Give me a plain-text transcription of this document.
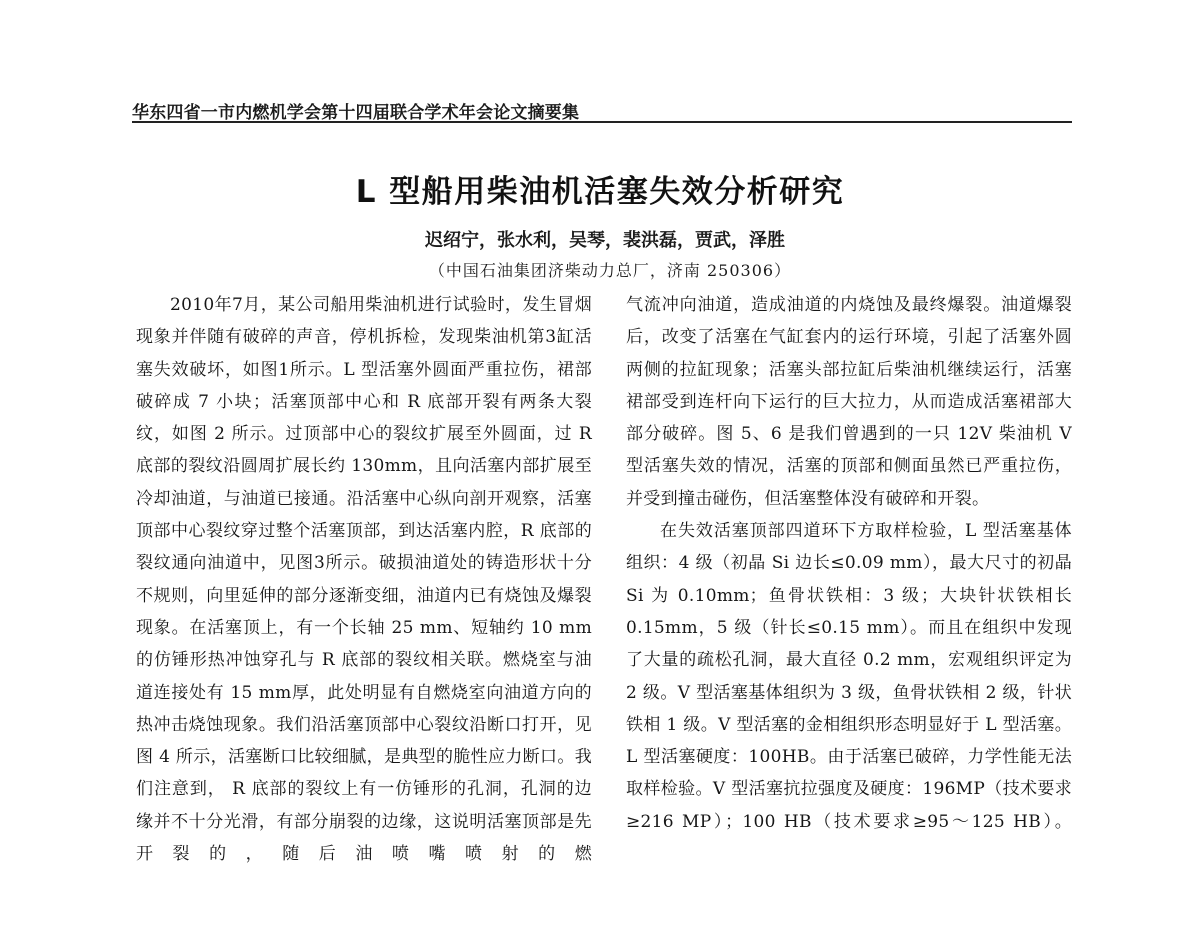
华东四省一市内燃机学会第十四届联合学术年会论文摘要集
L 型船用柴油机活塞失效分析研究
迟绍宁，张水利，吴琴，裴洪磊，贾武，泽胜
（中国石油集团济柴动力总厂，济南 250306）

2010年7月，某公司船用柴油机进行试验时，发生冒烟现象并伴随有破碎的声音，停机拆检，发现柴油机第3缸活塞失效破坏，如图1所示。L 型活塞外圆面严重拉伤，裙部破碎成 7 小块；活塞顶部中心和 R 底部开裂有两条大裂纹，如图 2 所示。过顶部中心的裂纹扩展至外圆面，过 R 底部的裂纹沿圆周扩展长约 130mm，且向活塞内部扩展至冷却油道，与油道已接通。沿活塞中心纵向剖开观察，活塞顶部中心裂纹穿过整个活塞顶部，到达活塞内腔，R 底部的裂纹通向油道中，见图3所示。破损油道处的铸造形状十分不规则，向里延伸的部分逐渐变细，油道内已有烧蚀及爆裂现象。在活塞顶上，有一个长轴 25 mm、短轴约 10 mm的仿锤形热冲蚀穿孔与 R 底部的裂纹相关联。燃烧室与油道连接处有 15 mm厚，此处明显有自燃烧室向油道方向的热冲击烧蚀现象。我们沿活塞顶部中心裂纹沿断口打开，见图 4 所示，活塞断口比较细腻，是典型的脆性应力断口。我们注意到， R 底部的裂纹上有一仿锤形的孔洞，孔洞的边缘并不十分光滑，有部分崩裂的边缘，这说明活塞顶部是先开裂的，随后油喷嘴喷射的燃

气流冲向油道，造成油道的内烧蚀及最终爆裂。油道爆裂后，改变了活塞在气缸套内的运行环境，引起了活塞外圆两侧的拉缸现象；活塞头部拉缸后柴油机继续运行，活塞裙部受到连杆向下运行的巨大拉力，从而造成活塞裙部大部分破碎。图 5、6 是我们曾遇到的一只 12V 柴油机 V 型活塞失效的情况，活塞的顶部和侧面虽然已严重拉伤，并受到撞击碰伤，但活塞整体没有破碎和开裂。

在失效活塞顶部四道环下方取样检验，L 型活塞基体组织：4 级（初晶 Si 边长≤0.09 mm），最大尺寸的初晶 Si 为 0.10mm；鱼骨状铁相：3 级；大块针状铁相长 0.15mm，5 级（针长≤0.15 mm）。而且在组织中发现了大量的疏松孔洞，最大直径 0.2 mm，宏观组织评定为 2 级。V 型活塞基体组织为 3 级，鱼骨状铁相 2 级，针状铁相 1 级。V 型活塞的金相组织形态明显好于 L 型活塞。L 型活塞硬度：100HB。由于活塞已破碎，力学性能无法取样检验。V 型活塞抗拉强度及硬度：196MP（技术要求≥216 MP）；100 HB（技术要求≥95～125 HB）。
